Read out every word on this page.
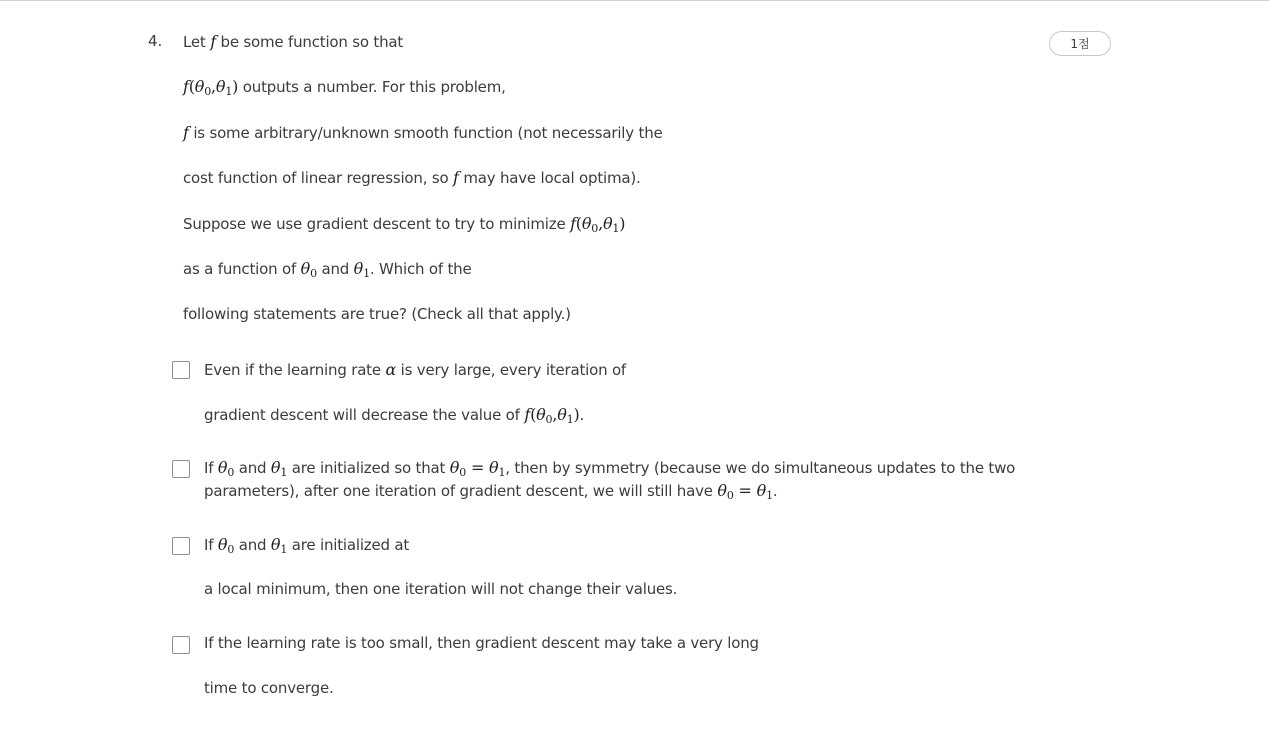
4.	1점
Let f be some function so that
$f(\theta_0,\theta_1)$ outputs a number. For this problem,
f is some arbitrary/unknown smooth function (not necessarily the
cost function of linear regression, so f may have local optima).
Suppose we use gradient descent to try to minimize $f(\theta_0,\theta_1)$
as a function of $\theta_0$ and $\theta_1$. Which of the
following statements are true? (Check all that apply.)
Even if the learning rate α is very large, every iteration of
gradient descent will decrease the value of $f(\theta_0,\theta_1)$.
If $\theta_0$ and $\theta_1$ are initialized so that $\theta_0 = \theta_1$, then by symmetry (because we do simultaneous updates to the two
parameters), after one iteration of gradient descent, we will still have $\theta_0 = \theta_1$.
If $\theta_0$ and $\theta_1$ are initialized at
a local minimum, then one iteration will not change their values.
If the learning rate is too small, then gradient descent may take a very long
time to converge.
